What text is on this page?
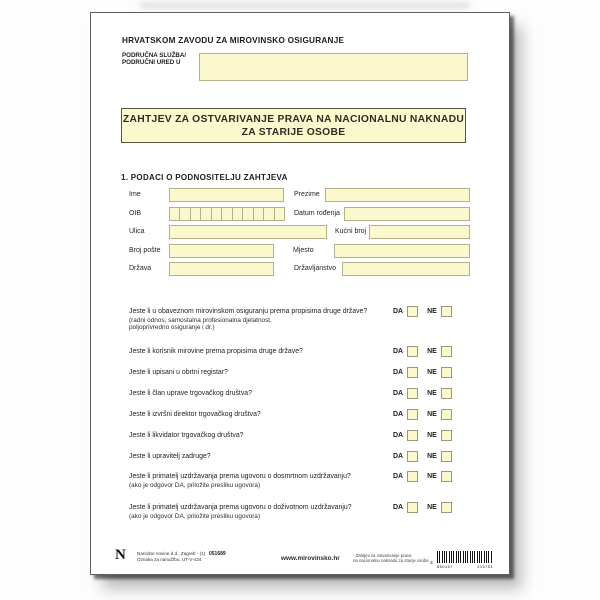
HRVATSKOM ZAVODU ZA MIROVINSKO OSIGURANJE
PODRUČNA SLUŽBA/
PODRUČNI URED U
ZAHTJEV ZA OSTVARIVANJE PRAVA NA NACIONALNU NAKNADU
ZA STARIJE OSOBE
1. PODACI O PODNOSITELJU ZAHTJEVA
Ime	Prezime
OIB	Datum rođenja
Ulica	Kućni broj
Broj pošte	Mjesto
Država	Državljanstvo
Jeste li u obaveznom mirovinskom osiguranju prema propisima druge države?
(radni odnos, samostalna profesionalna djelatnost,
poljoprivredno osiguranje i dr.)
DA	NE
Jeste li korisnik mirovine prema propisima druge države?	DA	NE
Jeste li upisani u obrtni registar?	DA	NE
Jeste li član uprave trgovačkog društva?	DA	NE
Jeste li izvršni direktor trgovačkog društva?	DA	NE
Jeste li likvidator trgovačkog društva?	DA	NE
Jeste li upravitelj zadruge?	DA	NE
Jeste li primatelj uzdržavanja prema ugovoru o dosmrtnom uzdržavanju?
(ako je odgovor DA, priložite presliku ugovora)
DA	NE
Jeste li primatelj uzdržavanja prema ugovoru o doživotnom uzdržavanju?
(ako je odgovor DA, priložite presliku ugovora)
DA	NE
N	Narodne novine d.d., Zagreb - (1)
Oznaka za narudžbu: UT-V-434
051689
www.mirovinsko.hr	- Zahtjev za ostvarivanje prava
na nacionalnu naknadu za starije osobe 3
850157	215751
